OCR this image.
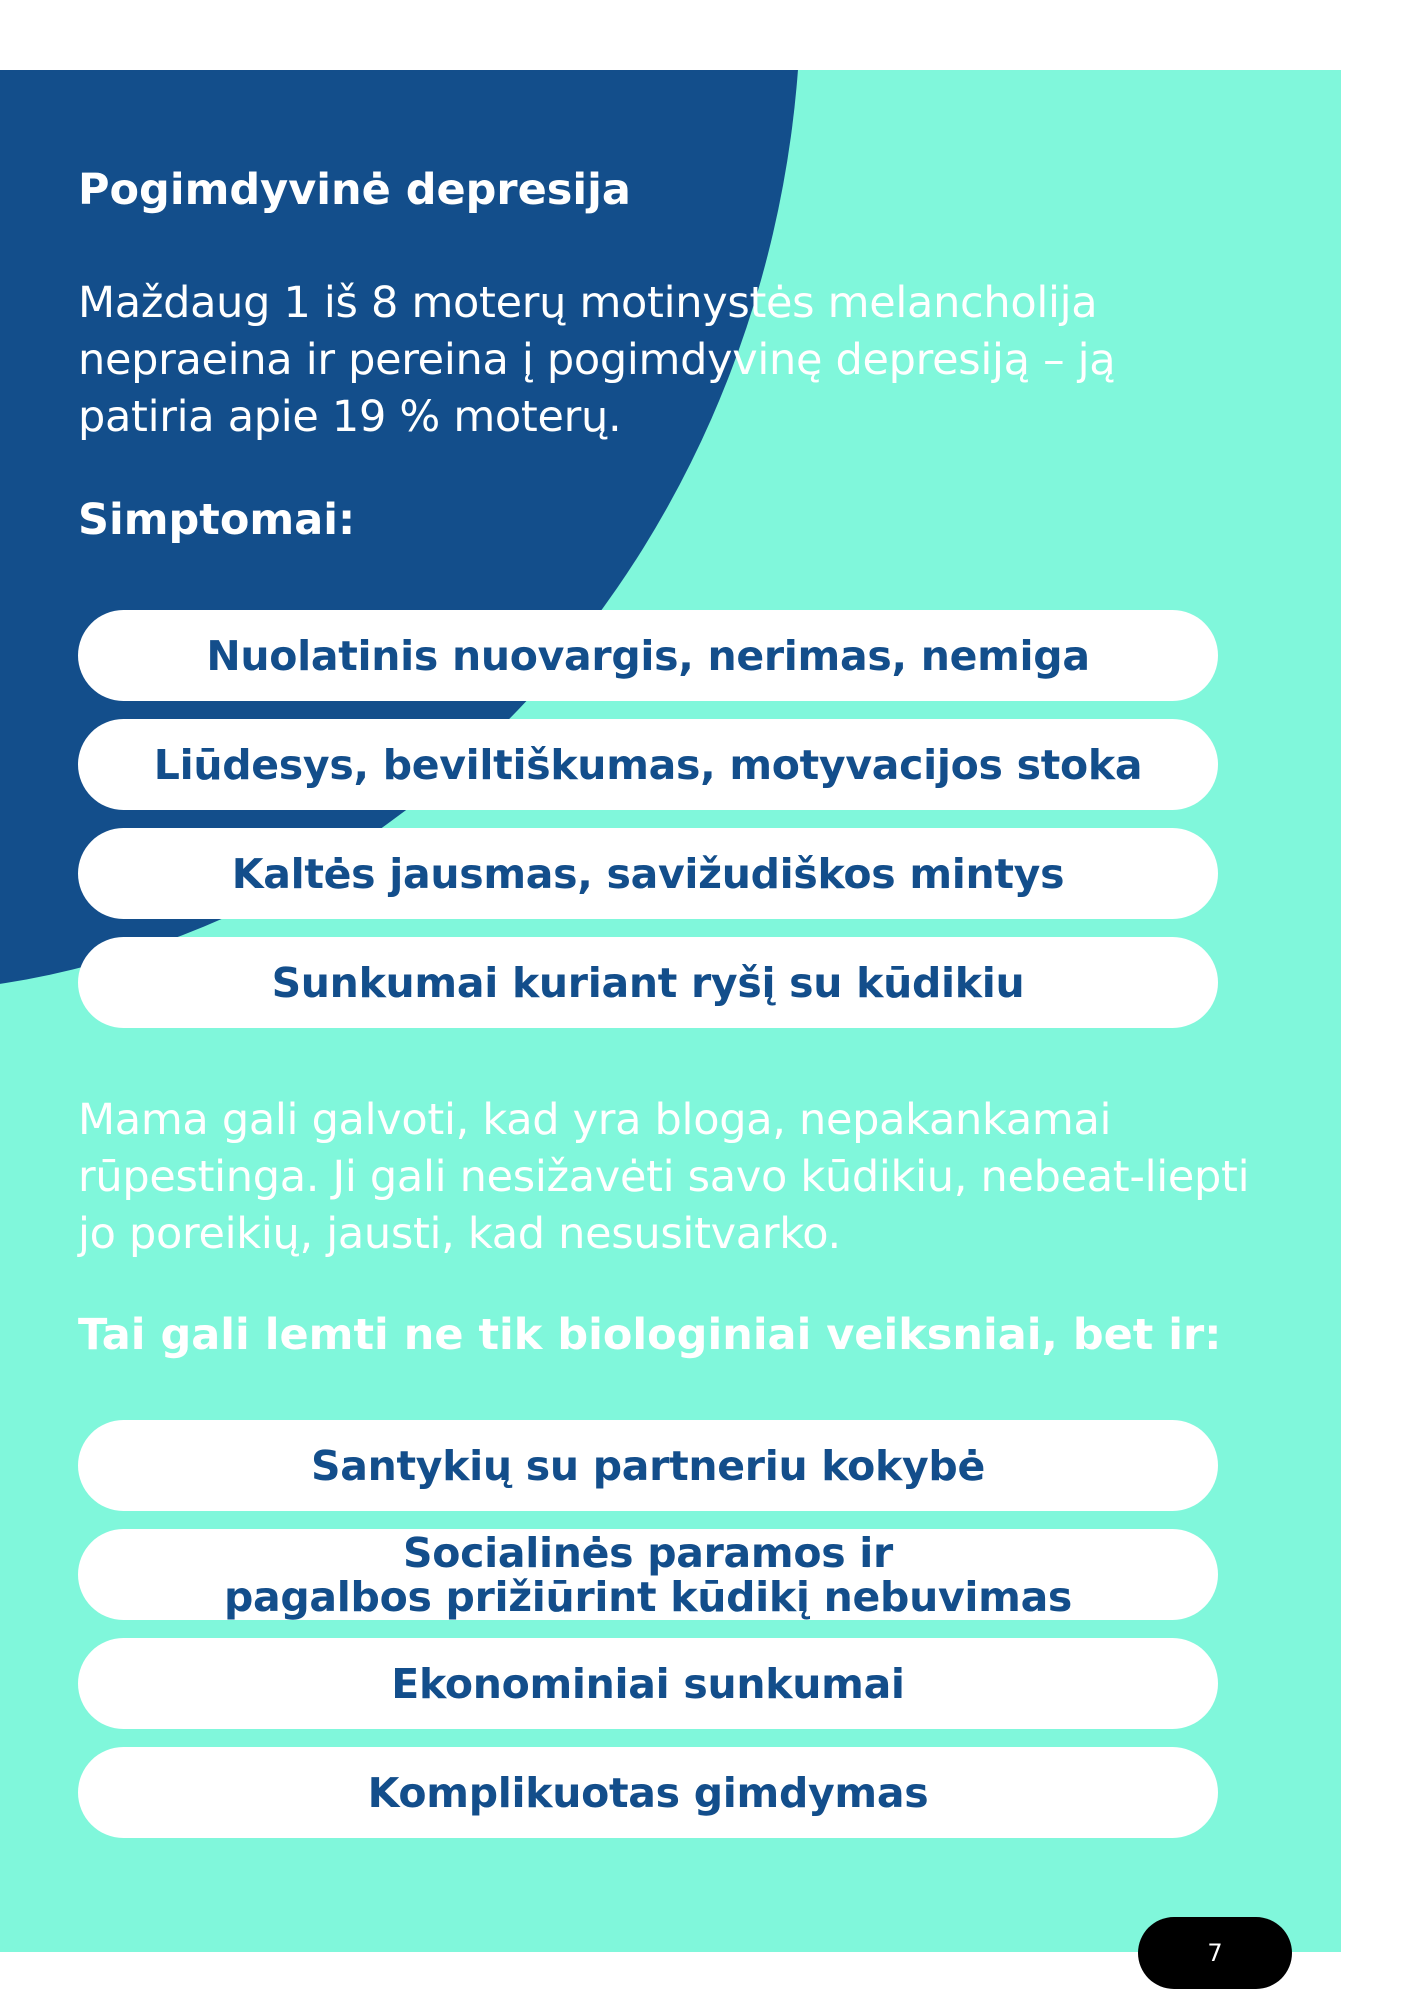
Pogimdyvinė depresija

Maždaug 1 iš 8 moterų motinystės melancholija nepraeina ir pereina į pogimdyvinę depresiją – ją patiria apie 19 % moterų.

Simptomai:
Nuolatinis nuovargis, nerimas, nemiga
Liūdesys, beviltiškumas, motyvacijos stoka
Kaltės jausmas, savižudiškos mintys
Sunkumai kuriant ryšį su kūdikiu

Mama gali galvoti, kad yra bloga, nepakankamai rūpestinga. Ji gali nesižavėti savo kūdikiu, nebeat-liepti jo poreikių, jausti, kad nesusitvarko.

Tai gali lemti ne tik biologiniai veiksniai, bet ir:
Santykių su partneriu kokybė
Socialinės paramos ir
pagalbos prižiūrint kūdikį nebuvimas
Ekonominiai sunkumai
Komplikuotas gimdymas
7
